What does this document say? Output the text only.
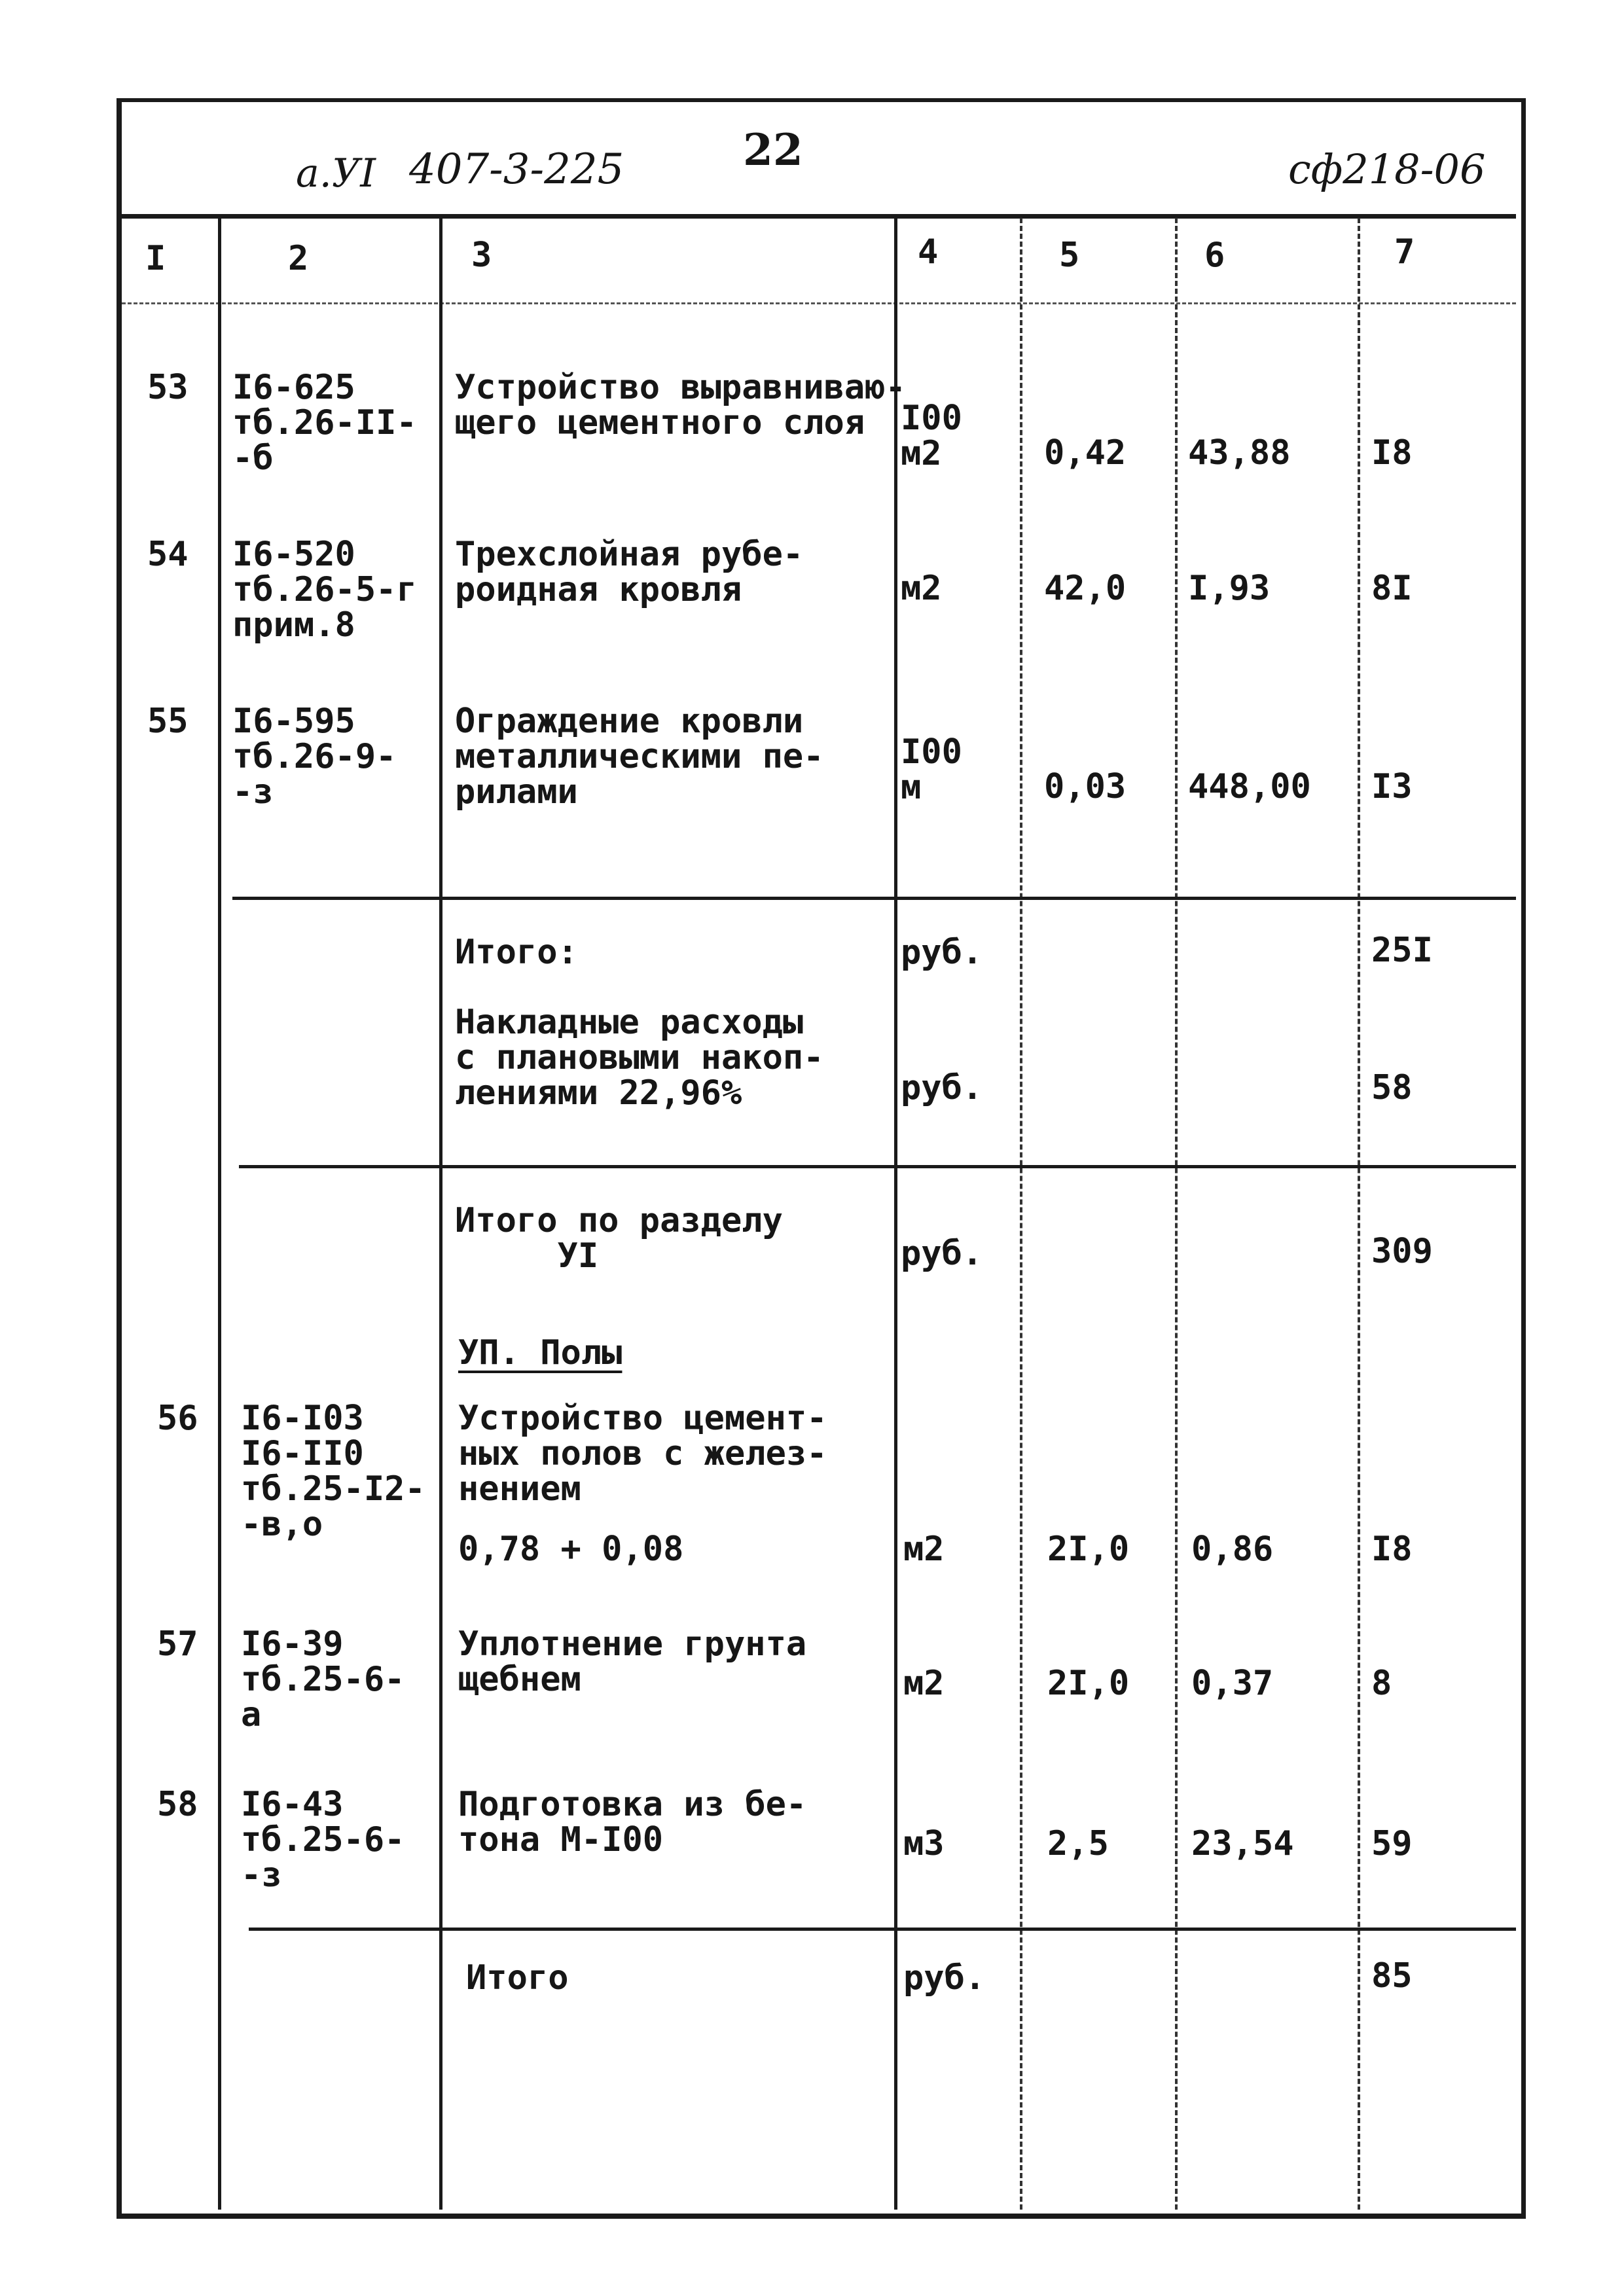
a.УI 407-3-225	22	сф218-06
I	2	3	4	5	6	7
53 I6-625
тб.26-II-
-б
Устройство выравниваю-
щего цементного слоя	I00
м2	0,42 43,88 I8
54 I6-520
тб.26-5-г
прим.8
Трехслойная рубе-
роидная кровля	м2	42,0 I,93	8I
55 I6-595
тб.26-9-
-з
Ограждение кровли
металлическими пе-
рилами
I00
м	0,03 448,00 I3
Итого:	руб.	25I
Накладные расходы
с плановыми накоп-
лениями 22,96%	руб.	58
Итого по разделу
УI	руб.	309
УП. Полы
56 I6-I03
I6-II0
тб.25-I2-
-в,о
Устройство цемент-
ных полов с желез-
нением
0,78 + 0,08	м2	2I,0 0,86	I8
57 I6-39
тб.25-6-
а
Уплотнение грунта
щебнем	м2	2I,0 0,37	8
58 I6-43
тб.25-6-
-з
Подготовка из бе-
тона М-I00	м3	2,5 23,54 59
Итого	руб.	85
